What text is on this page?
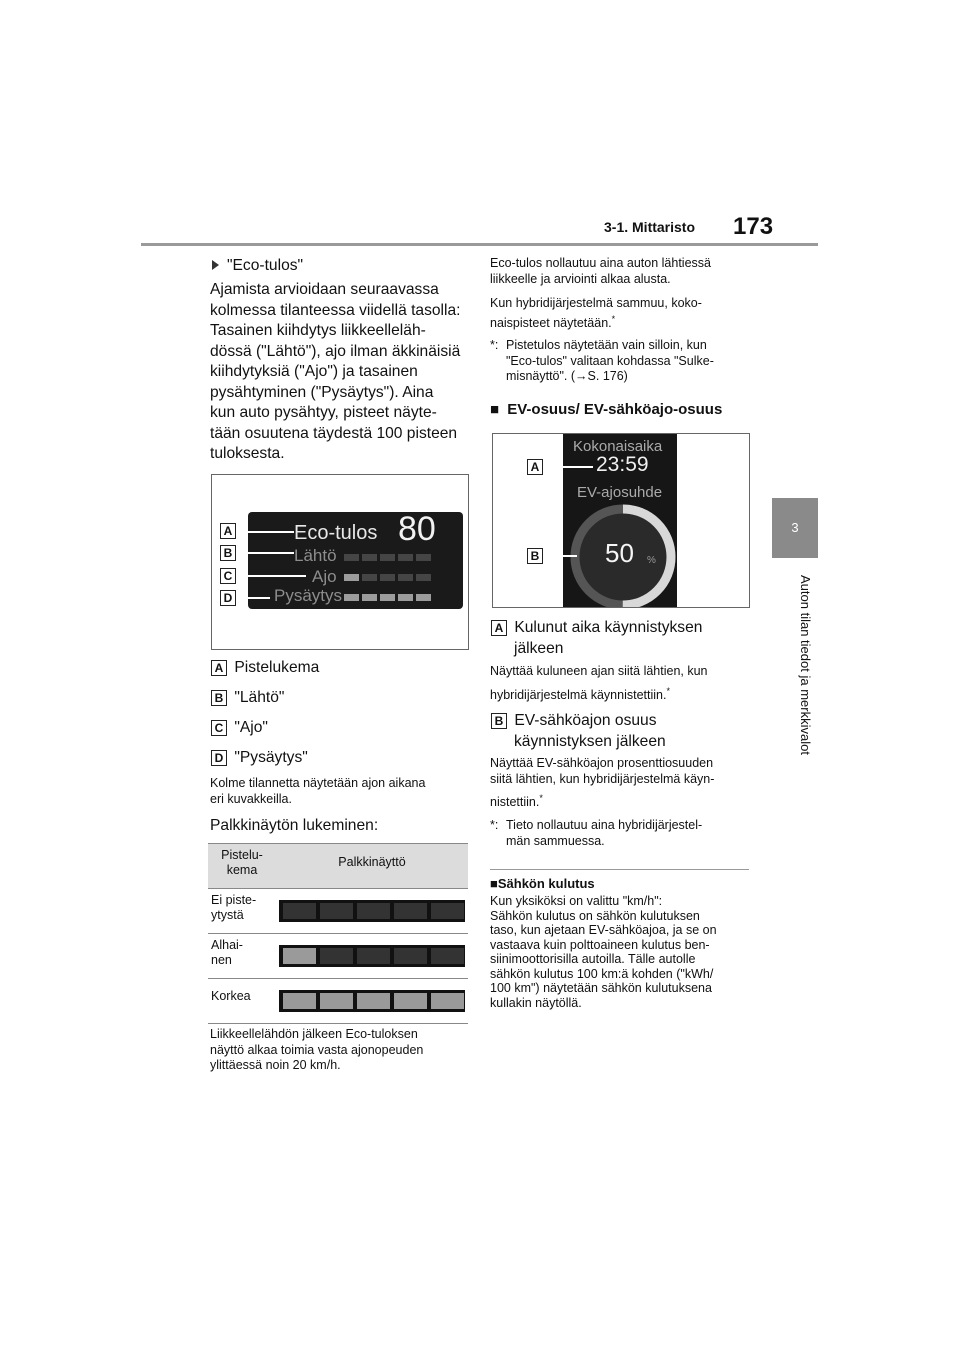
3-1. Mittaristo 173
3
Auton tilan tiedot ja merkkivalot
"Eco-tulos"
Ajamista arvioidaan seuraavassa
kolmessa tilanteessa viidellä tasolla:
Tasainen kiihdytys liikkeelleläh-
dössä ("Lähtö"), ajo ilman äkkinäisiä
kiihdytyksiä ("Ajo") ja tasainen
pysähtyminen ("Pysäytys"). Aina
kun auto pysähtyy, pisteet näyte-
tään osuutena täydestä 100 pisteen
tuloksesta.
Eco-tulos 80
Lähtö
Ajo
Pysäytys
A
B
C
D
A Pistelukema
B "Lähtö"
C "Ajo"
D "Pysäytys"
Kolme tilannetta näytetään ajon aikana
eri kuvakkeilla.
Palkkinäytön lukeminen:
Pistelu-
kema	Palkkinäyttö

Ei piste-
ytystä	

Alhai-
nen	

Korkea	

Liikkeellelähdön jälkeen Eco-tuloksen
näyttö alkaa toimia vasta ajonopeuden
ylittäessä noin 20 km/h.
Eco-tulos nollautuu aina auton lähtiessä
liikkeelle ja arviointi alkaa alusta.
Kun hybridijärjestelmä sammuu, koko-
naispisteet näytetään.*
*: Pistetulos näytetään vain silloin, kun
"Eco-tulos" valitaan kohdassa "Sulke-
misnäyttö". (→S. 176)
■ EV-osuus/ EV-sähköajo-osuus
Kokonaisaika
23:59
EV-ajosuhde
50 %
A
B
A Kulunut aika käynnistyksen
jälkeen
Näyttää kuluneen ajan siitä lähtien, kun
hybridijärjestelmä käynnistettiin.*
B EV-sähköajon osuus
käynnistyksen jälkeen
Näyttää EV-sähköajon prosenttiosuuden
siitä lähtien, kun hybridijärjestelmä käyn-
nistettiin.*
*: Tieto nollautuu aina hybridijärjestel-
män sammuessa.
■Sähkön kulutus
Kun yksiköksi on valittu "km/h":
Sähkön kulutus on sähkön kulutuksen
taso, kun ajetaan EV-sähköajoa, ja se on
vastaava kuin polttoaineen kulutus ben-
siinimoottorisilla autoilla. Tälle autolle
sähkön kulutus 100 km:ä kohden ("kWh/
100 km") näytetään sähkön kulutuksena
kullakin näytöllä.
